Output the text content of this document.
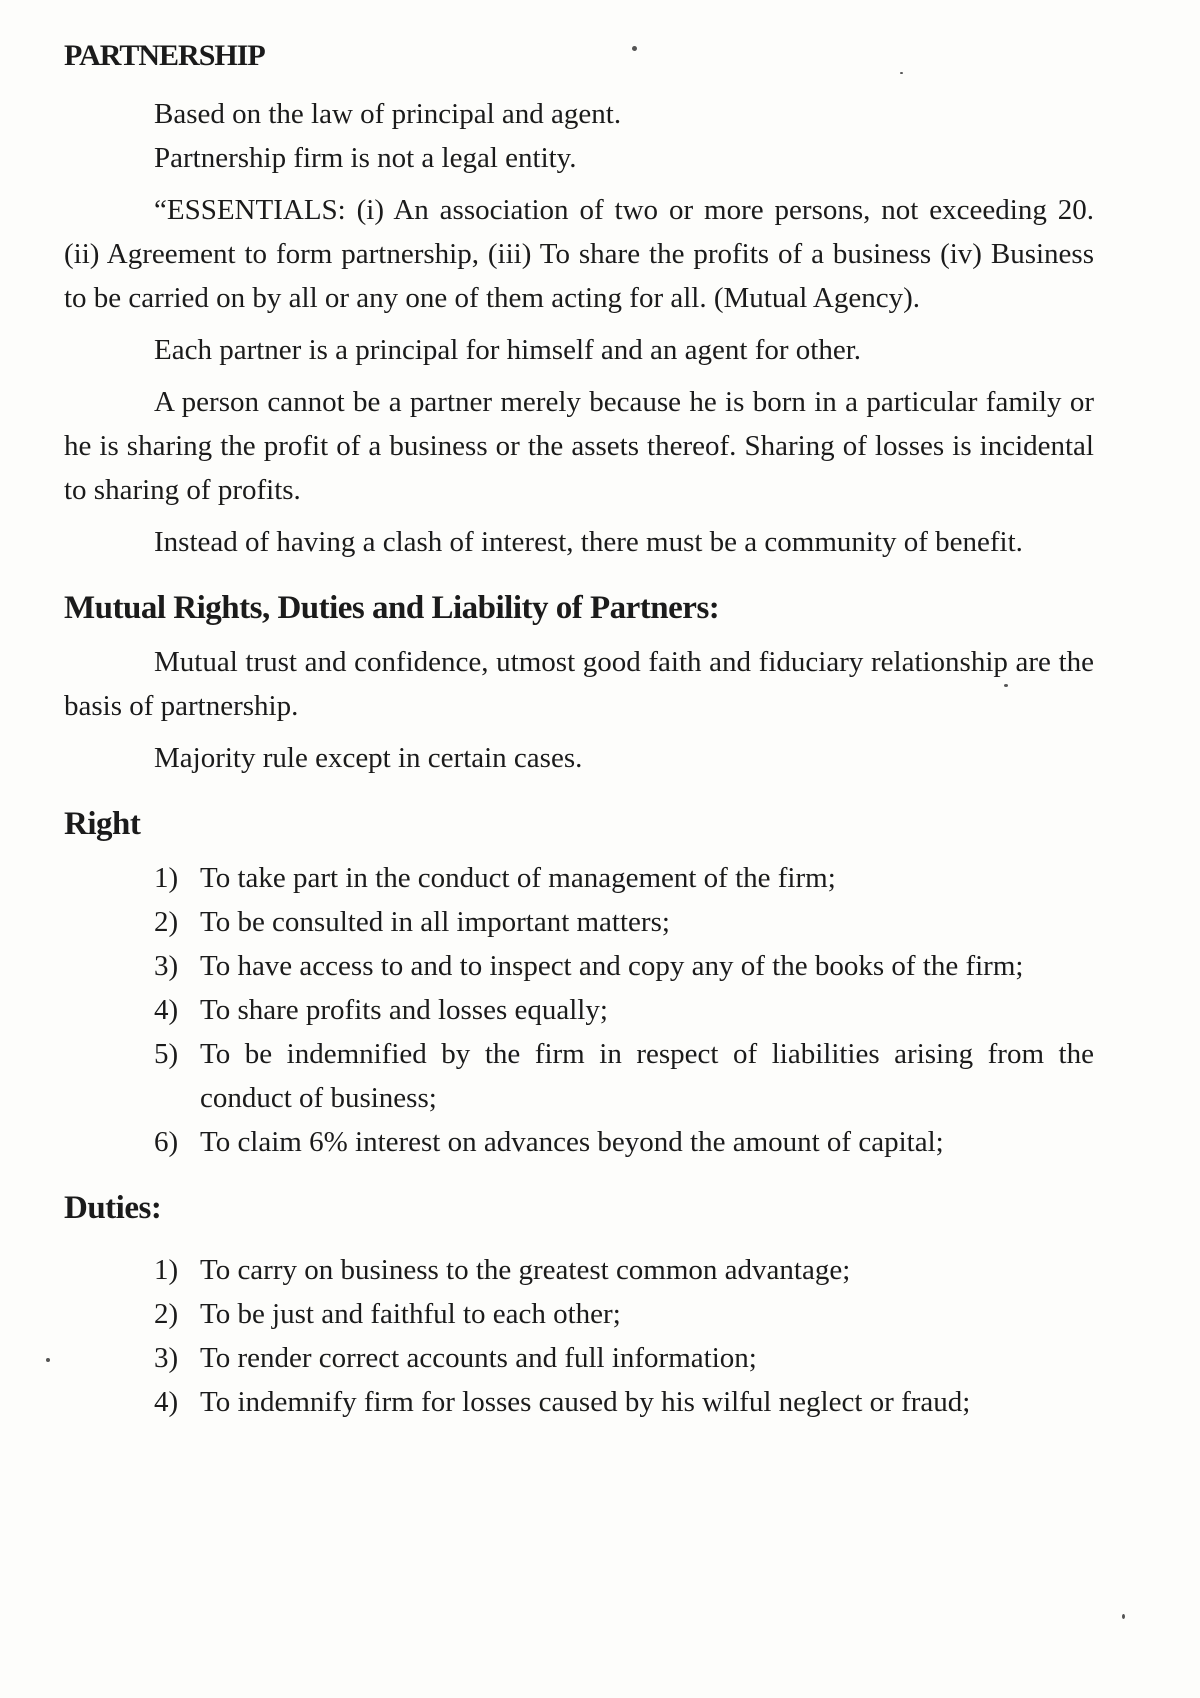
PARTNERSHIP

Based on the law of principal and agent.

Partnership firm is not a legal entity.

“ESSENTIALS: (i) An association of two or more persons, not exceeding 20. (ii) Agreement to form partnership, (iii) To share the profits of a business (iv) Business to be carried on by all or any one of them acting for all. (Mutual Agency).

Each partner is a principal for himself and an agent for other.

A person cannot be a partner merely because he is born in a particular family or he is sharing the profit of a business or the assets thereof. Sharing of losses is incidental to sharing of profits.

Instead of having a clash of interest, there must be a community of benefit.

Mutual Rights, Duties and Liability of Partners:

Mutual trust and confidence, utmost good faith and fiduciary relationship are the basis of partnership.

Majority rule except in certain cases.

Right

1) To take part in the conduct of management of the firm;

2) To be consulted in all important matters;

3) To have access to and to inspect and copy any of the books of the firm;

4) To share profits and losses equally;

5) To be indemnified by the firm in respect of liabilities arising from the conduct of business;

6) To claim 6% interest on advances beyond the amount of capital;

Duties:

1) To carry on business to the greatest common advantage;

2) To be just and faithful to each other;

3) To render correct accounts and full information;

4) To indemnify firm for losses caused by his wilful neglect or fraud;
